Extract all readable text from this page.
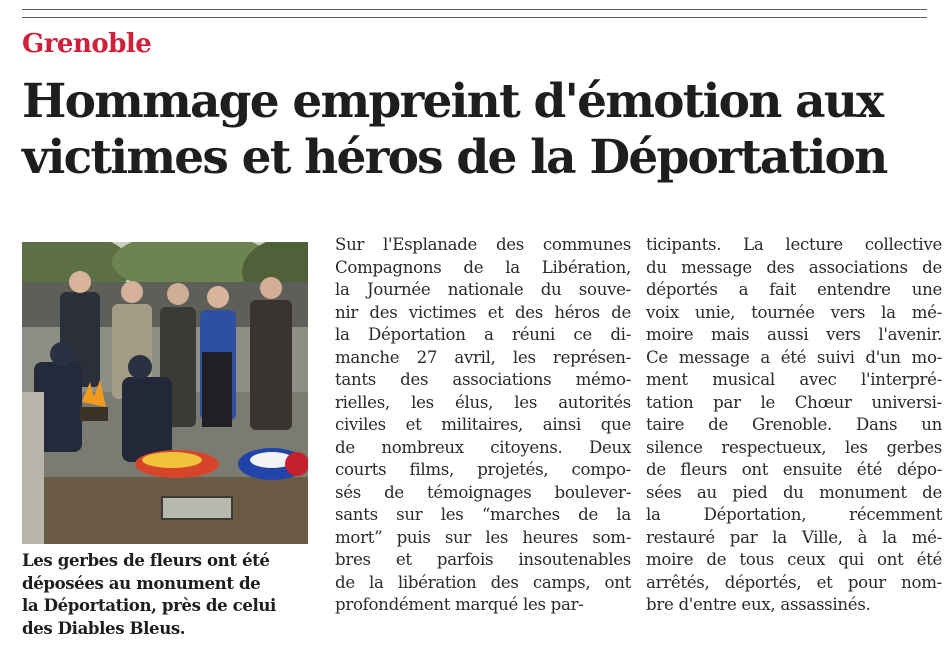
Grenoble
Hommage empreint d'émotion aux victimes et héros de la Déportation
Les gerbes de fleurs ont été
déposées au monument de
la Déportation, près de celui
des Diables Bleus.
Sur l'Esplanade des communes
Compagnons de la Libération,
la Journée nationale du souve-
nir des victimes et des héros de
la Déportation a réuni ce di-
manche 27 avril, les représen-
tants des associations mémo-
rielles, les élus, les autorités
civiles et militaires, ainsi que
de nombreux citoyens. Deux
courts films, projetés, compo-
sés de témoignages boulever-
sants sur les “marches de la
mort” puis sur les heures som-
bres et parfois insoutenables
de la libération des camps, ont
profondément marqué les par-
ticipants. La lecture collective
du message des associations de
déportés a fait entendre une
voix unie, tournée vers la mé-
moire mais aussi vers l'avenir.
Ce message a été suivi d'un mo-
ment musical avec l'interpré-
tation par le Chœur universi-
taire de Grenoble. Dans un
silence respectueux, les gerbes
de fleurs ont ensuite été dépo-
sées au pied du monument de
la Déportation, récemment
restauré par la Ville, à la mé-
moire de tous ceux qui ont été
arrêtés, déportés, et pour nom-
bre d'entre eux, assassinés.
